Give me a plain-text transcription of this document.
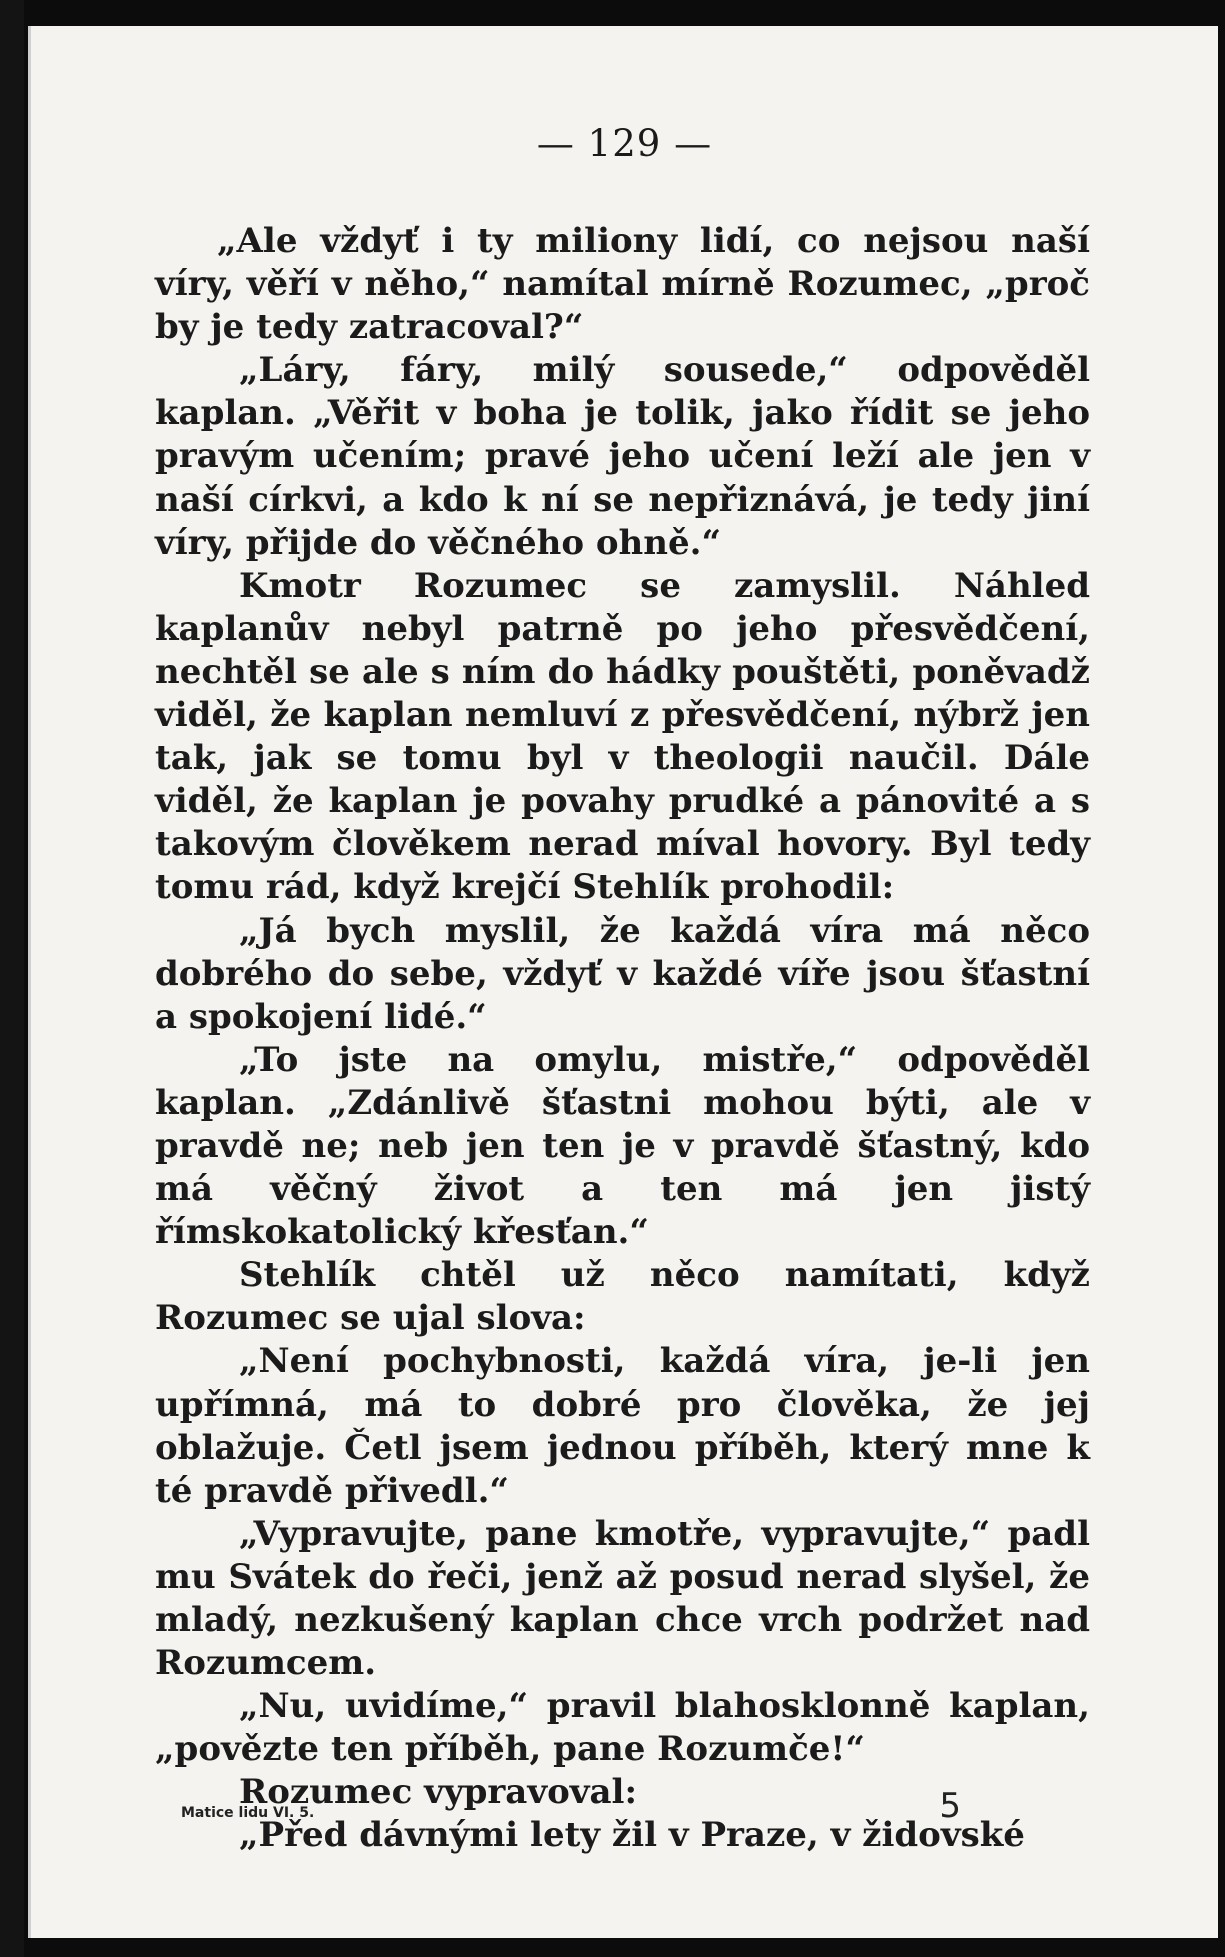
— 129 —

„Ale vždyť i ty miliony lidí, co nejsou naší víry, věří v něho,“ namítal mírně Rozumec, „proč by je tedy zatracoval?“

„Láry, fáry, milý sousede,“ odpověděl kaplan. „Věřit v boha je tolik, jako řídit se jeho pravým učením; pravé jeho učení leží ale jen v naší církvi, a kdo k ní se nepřiznává, je tedy jiní víry, přijde do věčného ohně.“

Kmotr Rozumec se zamyslil. Náhled kaplanův nebyl patrně po jeho přesvědčení, nechtěl se ale s ním do hádky pouštěti, poněvadž viděl, že kaplan nemluví z přesvědčení, nýbrž jen tak, jak se tomu byl v theologii naučil. Dále viděl, že kaplan je povahy prudké a pánovité a s takovým člověkem nerad míval hovory. Byl tedy tomu rád, když krejčí Stehlík prohodil:

„Já bych myslil, že každá víra má něco dobrého do sebe, vždyť v každé víře jsou šťastní a spokojení lidé.“

„To jste na omylu, mistře,“ odpověděl kaplan. „Zdánlivě šťastni mohou býti, ale v pravdě ne; neb jen ten je v pravdě šťastný, kdo má věčný život a ten má jen jistý římskokatolický křesťan.“

Stehlík chtěl už něco namítati, když Rozumec se ujal slova:

„Není pochybnosti, každá víra, je-li jen upřímná, má to dobré pro člověka, že jej oblažuje. Četl jsem jednou příběh, který mne k té pravdě přivedl.“

„Vypravujte, pane kmotře, vypravujte,“ padl mu Svátek do řeči, jenž až posud nerad slyšel, že mladý, nezkušený kaplan chce vrch podržet nad Rozumcem.

„Nu, uvidíme,“ pravil blahosklonně kaplan, „povězte ten příběh, pane Rozumče!“

Rozumec vypravoval:

„Před dávnými lety žil v Praze, v židovské

Matice lidu VI. 5.	5
